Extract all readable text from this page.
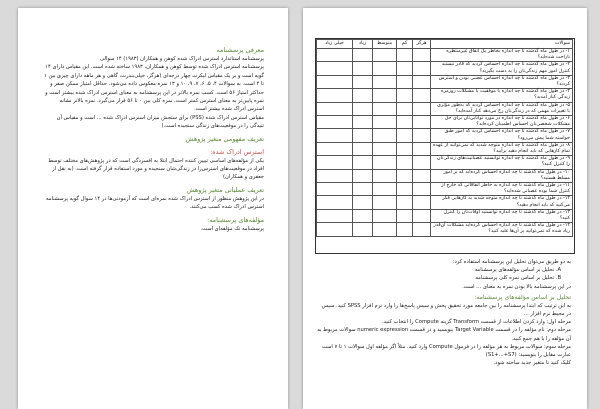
معرفی پرسشنامه

پرسشنامه استاندارد استرس ادراک شده کوهن و همکاران (۱۹۸۳) ۱۴ سوالی

پرسشنامه استرس ادراک شده توسط کوهن و همکاران، ۱۹۸۳ ساخته شده است. این مقیاس دارای ۱۴ گویه است و بر یک مقیاس لیکرت چهار درجه‌ای (هرگز، خیلی‌بندرت، گاهی و هر ماهه دارای چیزی بین ۱ تا ۴ است. به سوالات ۴، ۵، ۶، ۷، ۹، ۱۰ و ۱۳ نمره معکوس داده می‌شود. حداقل امتیاز ممکن صفر و حداکثر امتیاز ۵۶ است. کسب نمره بالاتر در این پرسشنامه به معنای استرس ادراک شده بیشتر است و نمره پایین‌تر به معنای استرس کمتر است. نمره کلی بین ۰ تا ۵۶ قرار می‌گیرد. نمره بالاتر نشانه استرس ادراک شده بیشتر است.

مقیاس استرس ادراک شده (PSS) برای سنجش میزان استرس ادراک شده ... است و مقیاس آن تنیدگی را در موقعیت‌های زندگی سنجیده است.)

تعریف مفهومی متغیر پژوهش
استرس ادراک شده:

یکی از مؤلفه‌های اساسی تبیین کننده احتمال ابتلا به افسردگی است که در پژوهش‌های مختلف توسط افراد در موقعیت‌های استرس‌زا در زندگی‌شان سنجیده و مورد استفاده قرار گرفته است. (به نقل از جعفری و همکاران)

تعریف عملیاتی متغیر پژوهش

در این پژوهش منظور از استرس ادراک شده نمره‌ای است که آزمودنی‌ها در ۱۴ سوال گویه پرسشنامه استرس ادراک شده کسب می‌کنند.

مؤلفه‌های پرسشنامه:

پرسشنامه تک مؤلفه‌ای است.

سوالات	هرگز	کم	متوسط	زیاد	خیلی زیاد
۱- در طول ماه گذشته تا چه اندازه بخاطر یک اتفاق غیرمنتظره ناراحت شده‌اید؟					
۲- در طول ماه گذشته تا چه اندازه احساس کردید که قادر نیستید کنترل امور مهم زندگی‌تان را به دست بگیرید؟					
۳- در طول ماه گذشته تا چه اندازه احساس عصبی بودن و استرس کردید؟					
۴- در طول ماه گذشته تا چه اندازه با موفقیت با مشکلات روزمره زندگی کنار آمدید؟					
۵- در طول ماه گذشته تا چه اندازه احساس کردید که به‌طور مؤثری با تغییرات مهمی که در زندگی‌تان رخ می‌دهد کنار آمده‌اید؟					
۶- در طول ماه گذشته تا چه اندازه در مورد توانایی‌تان برای حل مشکلات شخصی‌تان احساس اطمینان کرده‌اید؟					
۷- در طول ماه گذشته تا چه اندازه احساس کردید که امور طبق خواسته شما پیش می‌رود؟					
۸- در طول ماه گذشته تا چه اندازه متوجه شدید که نمی‌توانید از عهده تمام کارهایی که باید انجام دهید برآیید؟					
۹- در طول ماه گذشته تا چه اندازه توانستید عصبانیت‌های زندگی‌تان را کنترل کنید؟					
۱۰- در طول ماه گذشته تا چه اندازه احساس کرده‌اید که بر امور مسلط هستید؟					
۱۱- در طول ماه گذشته تا چه اندازه به خاطر اتفاقاتی که خارج از کنترل شما بوده عصبانی شده‌اید؟					
۱۲- در طول ماه گذشته تا چه اندازه متوجه شدید به کارهایی فکر می‌کنید که باید انجام دهید؟					
۱۳- در طول ماه گذشته تا چه اندازه توانستید اوقات‌تان را کنترل کنید؟					
۱۴- در طول ماه گذشته تا چه اندازه احساس کرده‌اید مشکلات آن‌قدر زیاد شده که نمی‌توانید بر آن‌ها غلبه کنید؟					

به دو طریق می‌توان تحلیل این پرسشنامه استفاده کرد:

A. تحلیل بر اساس مؤلفه‌های پرسشنامه

B. تحلیل بر اساس نمره کلی پرسشنامه

در این پرسشنامه بالا بودن نمره به معنای ... است.

تحلیل بر اساس مؤلفه‌های پرسشنامه:

به این ترتیب که ابتدا پرسشنامه را بین جامعه مورد تحقیق پخش و سپس پاسخ‌ها را وارد نرم افزار SPSS کنید. سپس در محیط نرم افزار ...

مرحله اول: وارد کردن اطلاعات از قسمت Transform گزینه Compute را انتخاب کنید.

مرحله دوم: نام مؤلفه را در قسمت Target Variable بنویسید و در قسمت numeric expression سوالات مربوط به آن مؤلفه را با هم جمع کنید.

مرحله سوم: سوالات مربوط به هر مؤلفه را در فرمول Compute وارد کنید. مثلاً اگر مؤلفه اول سوالات ۱ تا ۷ است عبارت مقابل را بنویسید: (S1+...+S7)

کلیک کنید تا متغیر جدید ساخته شود.
